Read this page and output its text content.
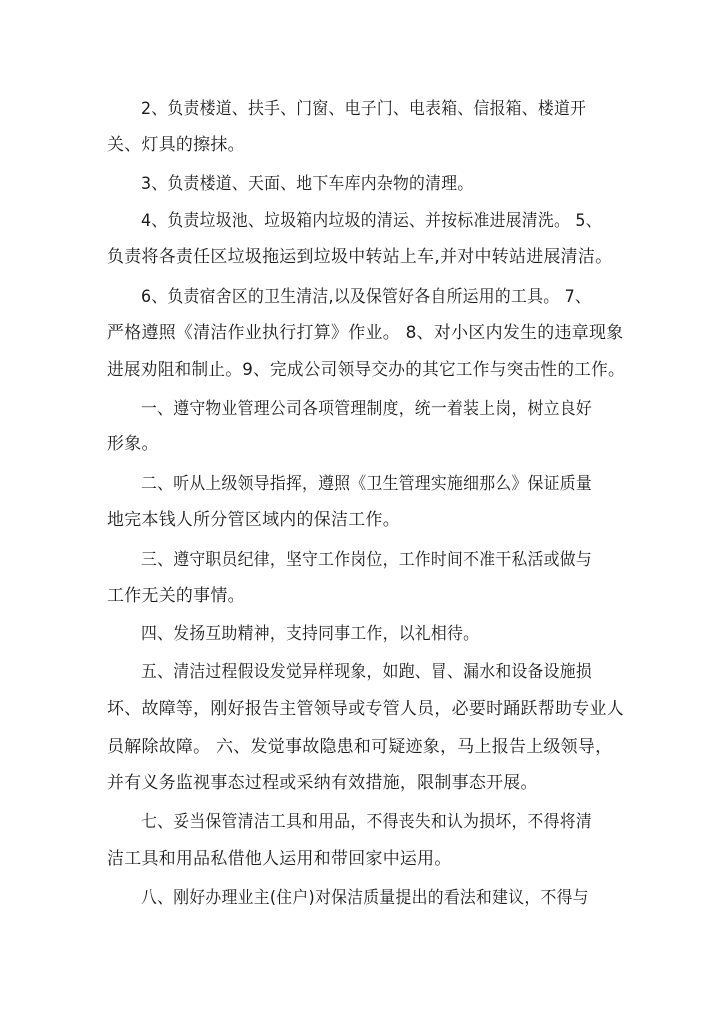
2、负责楼道、扶手、门窗、电子门、电表箱、信报箱、楼道开
关、灯具的擦抹。
3、负责楼道、天面、地下车库内杂物的清理。
4、负责垃圾池、垃圾箱内垃圾的清运、并按标准进展清洗。 5、
负责将各责任区垃圾拖运到垃圾中转站上车,并对中转站进展清洁。
6、负责宿舍区的卫生清洁,以及保管好各自所运用的工具。 7、
严格遵照《清洁作业执行打算》作业。 8、对小区内发生的违章现象
进展劝阻和制止。9、完成公司领导交办的其它工作与突击性的工作。
一、遵守物业管理公司各项管理制度，统一着装上岗，树立良好
形象。
二、听从上级领导指挥，遵照《卫生管理实施细那么》保证质量
地完本钱人所分管区域内的保洁工作。
三、遵守职员纪律，坚守工作岗位，工作时间不准干私活或做与
工作无关的事情。
四、发扬互助精神，支持同事工作，以礼相待。
五、清洁过程假设发觉异样现象，如跑、冒、漏水和设备设施损
坏、故障等，刚好报告主管领导或专管人员，必要时踊跃帮助专业人
员解除故障。 六、发觉事故隐患和可疑迹象，马上报告上级领导，
并有义务监视事态过程或采纳有效措施，限制事态开展。
七、妥当保管清洁工具和用品，不得丧失和认为损坏，不得将清
洁工具和用品私借他人运用和带回家中运用。
八、刚好办理业主(住户)对保洁质量提出的看法和建议，不得与
